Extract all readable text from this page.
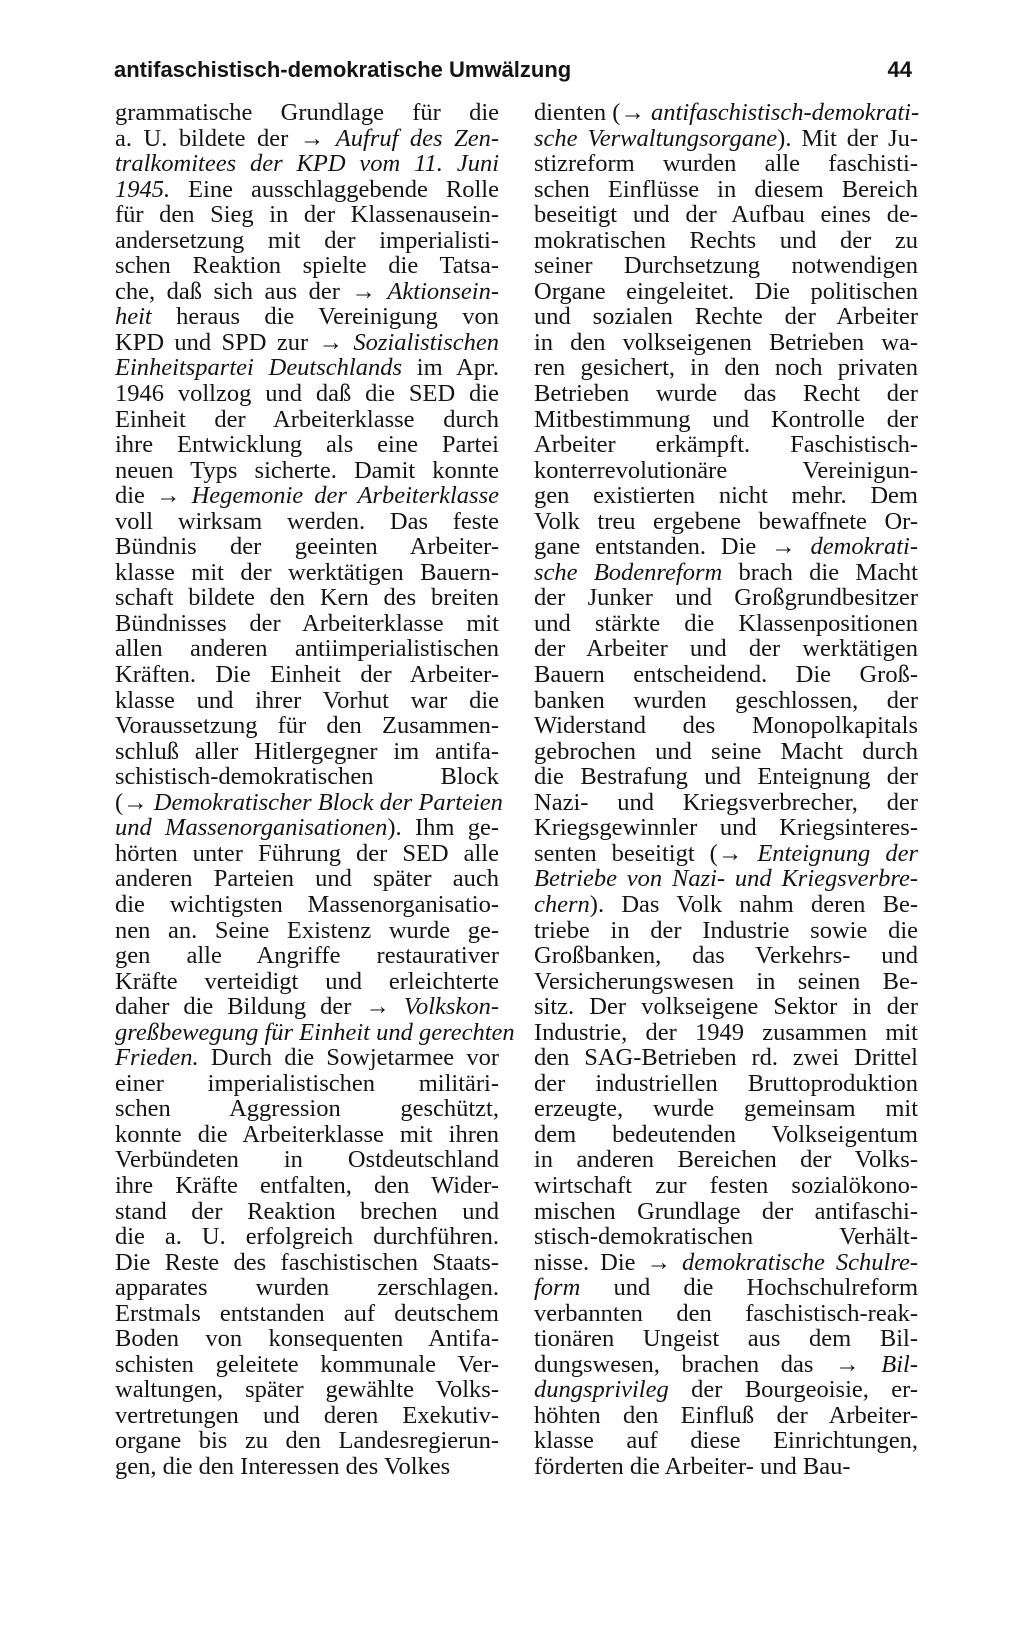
antifaschistisch-demokratische Umwälzung	44
grammatische Grundlage für die
a. U. bildete der → Aufruf des Zen-
tralkomitees der KPD vom 11. Juni
1945. Eine ausschlaggebende Rolle
für den Sieg in der Klassenausein-
andersetzung mit der imperialisti-
schen Reaktion spielte die Tatsa-
che, daß sich aus der → Aktionsein-
heit heraus die Vereinigung von
KPD und SPD zur → Sozialistischen
Einheitspartei Deutschlands im Apr.
1946 vollzog und daß die SED die
Einheit der Arbeiterklasse durch
ihre Entwicklung als eine Partei
neuen Typs sicherte. Damit konnte
die → Hegemonie der Arbeiterklasse
voll wirksam werden. Das feste
Bündnis der geeinten Arbeiter-
klasse mit der werktätigen Bauern-
schaft bildete den Kern des breiten
Bündnisses der Arbeiterklasse mit
allen anderen antiimperialistischen
Kräften. Die Einheit der Arbeiter-
klasse und ihrer Vorhut war die
Voraussetzung für den Zusammen-
schluß aller Hitlergegner im antifa-
schistisch-demokratischen Block
(→ Demokratischer Block der Parteien
und Massenorganisationen). Ihm ge-
hörten unter Führung der SED alle
anderen Parteien und später auch
die wichtigsten Massenorganisatio-
nen an. Seine Existenz wurde ge-
gen alle Angriffe restaurativer
Kräfte verteidigt und erleichterte
daher die Bildung der → Volkskon-
greßbewegung für Einheit und gerechten
Frieden. Durch die Sowjetarmee vor
einer imperialistischen militäri-
schen Aggression geschützt,
konnte die Arbeiterklasse mit ihren
Verbündeten in Ostdeutschland
ihre Kräfte entfalten, den Wider-
stand der Reaktion brechen und
die a. U. erfolgreich durchführen.
Die Reste des faschistischen Staats-
apparates wurden zerschlagen.
Erstmals entstanden auf deutschem
Boden von konsequenten Antifa-
schisten geleitete kommunale Ver-
waltungen, später gewählte Volks-
vertretungen und deren Exekutiv-
organe bis zu den Landesregierun-
gen, die den Interessen des Volkes
dienten (→ antifaschistisch-demokrati-
sche Verwaltungsorgane). Mit der Ju-
stizreform wurden alle faschisti-
schen Einflüsse in diesem Bereich
beseitigt und der Aufbau eines de-
mokratischen Rechts und der zu
seiner Durchsetzung notwendigen
Organe eingeleitet. Die politischen
und sozialen Rechte der Arbeiter
in den volkseigenen Betrieben wa-
ren gesichert, in den noch privaten
Betrieben wurde das Recht der
Mitbestimmung und Kontrolle der
Arbeiter erkämpft. Faschistisch-
konterrevolutionäre Vereinigun-
gen existierten nicht mehr. Dem
Volk treu ergebene bewaffnete Or-
gane entstanden. Die → demokrati-
sche Bodenreform brach die Macht
der Junker und Großgrundbesitzer
und stärkte die Klassenpositionen
der Arbeiter und der werktätigen
Bauern entscheidend. Die Groß-
banken wurden geschlossen, der
Widerstand des Monopolkapitals
gebrochen und seine Macht durch
die Bestrafung und Enteignung der
Nazi- und Kriegsverbrecher, der
Kriegsgewinnler und Kriegsinteres-
senten beseitigt (→ Enteignung der
Betriebe von Nazi- und Kriegsverbre-
chern). Das Volk nahm deren Be-
triebe in der Industrie sowie die
Großbanken, das Verkehrs- und
Versicherungswesen in seinen Be-
sitz. Der volkseigene Sektor in der
Industrie, der 1949 zusammen mit
den SAG-Betrieben rd. zwei Drittel
der industriellen Bruttoproduktion
erzeugte, wurde gemeinsam mit
dem bedeutenden Volkseigentum
in anderen Bereichen der Volks-
wirtschaft zur festen sozialökono-
mischen Grundlage der antifaschi-
stisch-demokratischen Verhält-
nisse. Die → demokratische Schulre-
form und die Hochschulreform
verbannten den faschistisch-reak-
tionären Ungeist aus dem Bil-
dungswesen, brachen das → Bil-
dungsprivileg der Bourgeoisie, er-
höhten den Einfluß der Arbeiter-
klasse auf diese Einrichtungen,
förderten die Arbeiter- und Bau-
